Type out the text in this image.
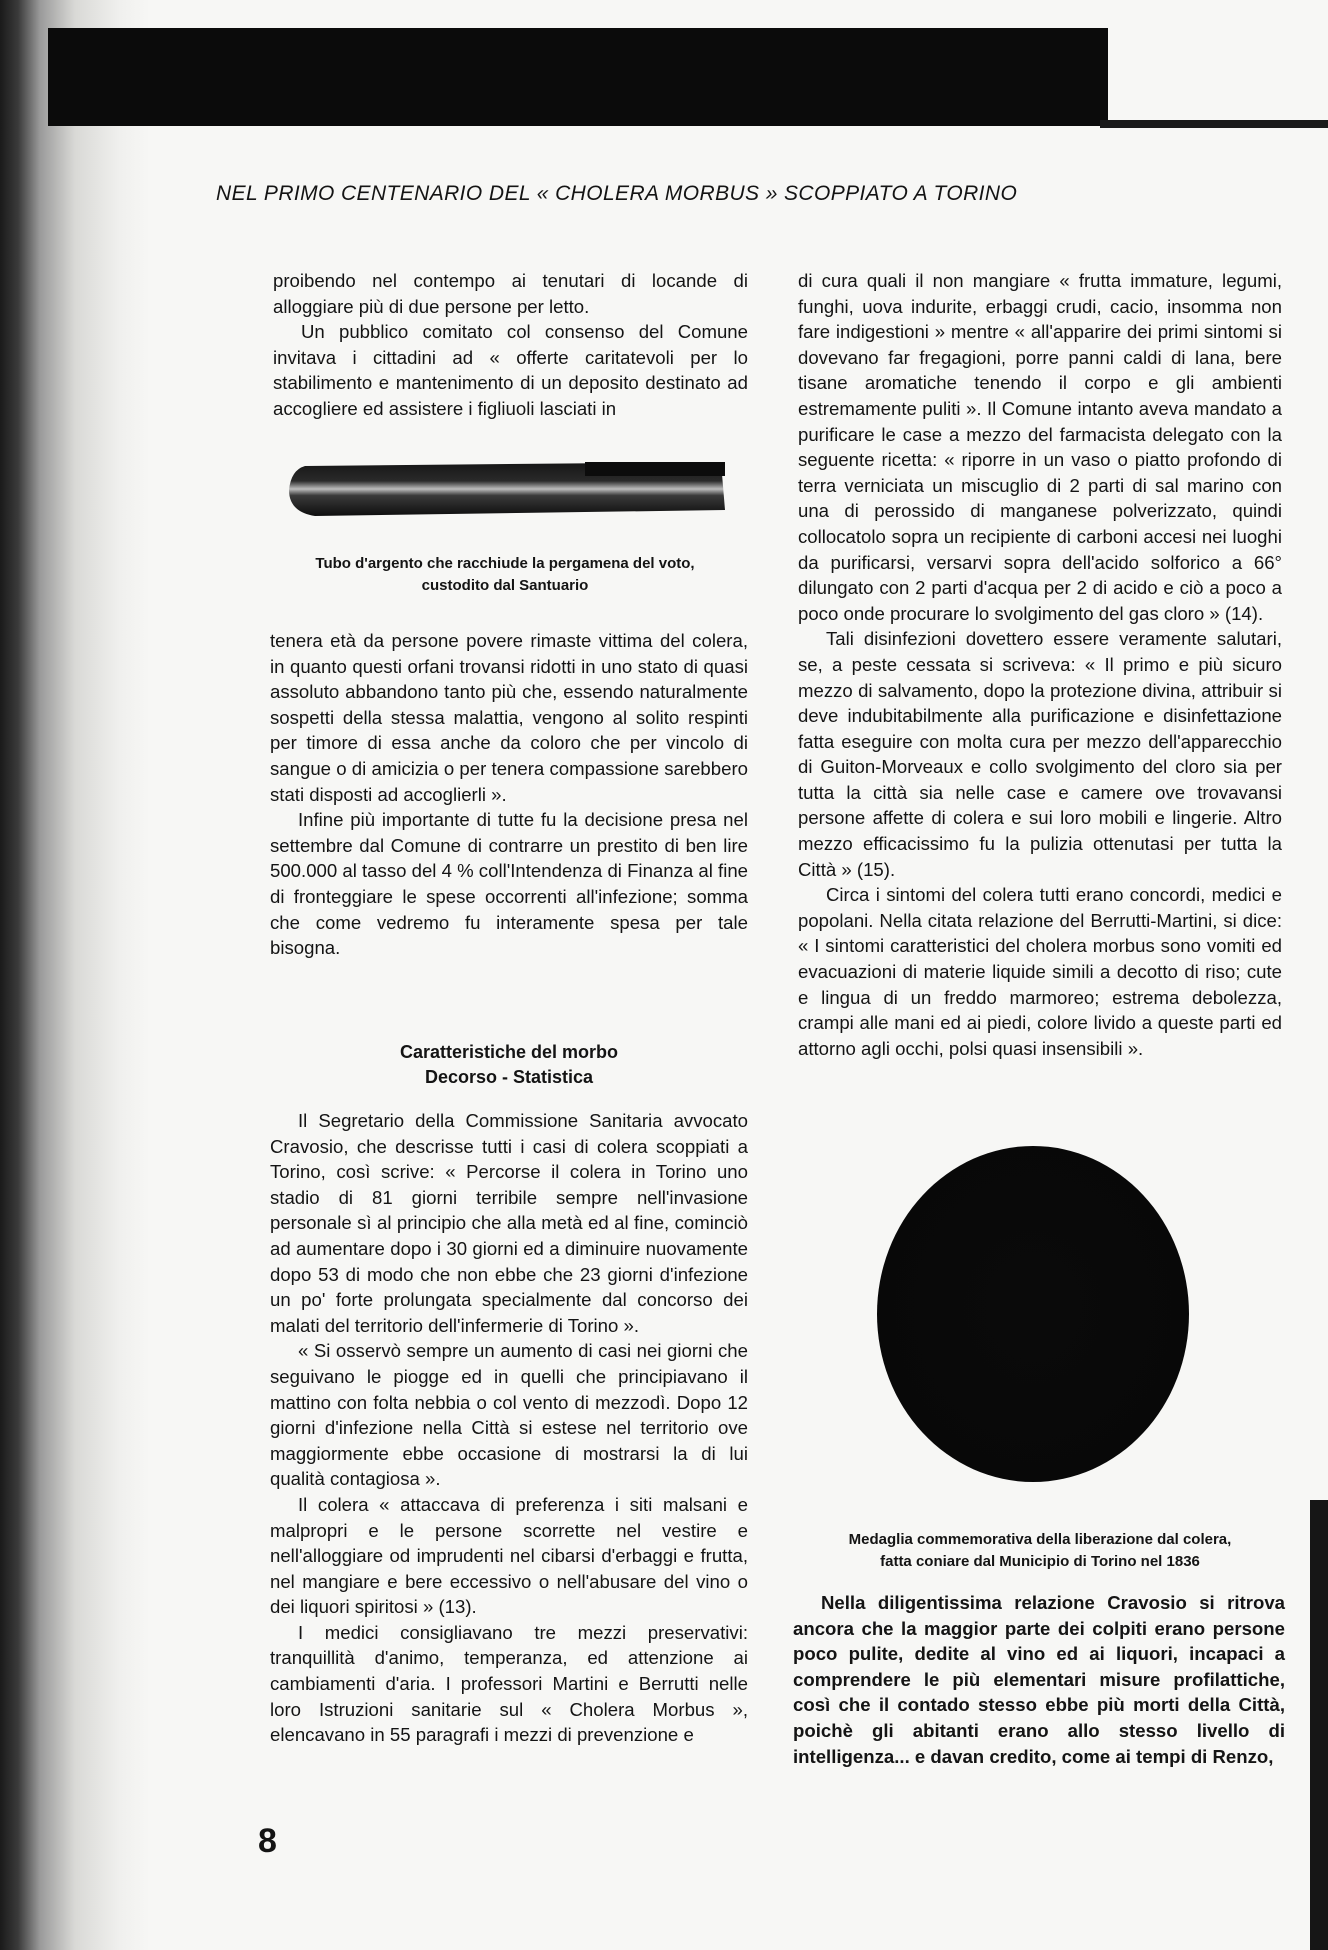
NEL PRIMO CENTENARIO DEL « CHOLERA MORBUS » SCOPPIATO A TORINO

proibendo nel contempo ai tenutari di locande di alloggiare più di due persone per letto.

Un pubblico comitato col consenso del Comune invitava i cittadini ad « offerte caritatevoli per lo stabilimento e mantenimento di un deposito destinato ad accogliere ed assistere i figliuoli lasciati in

Tubo d'argento che racchiude la pergamena del voto,
custodito dal Santuario

tenera età da persone povere rimaste vittima del colera, in quanto questi orfani trovansi ridotti in uno stato di quasi assoluto abbandono tanto più che, essendo naturalmente sospetti della stessa malattia, vengono al solito respinti per timore di essa anche da coloro che per vincolo di sangue o di amicizia o per tenera compassione sarebbero stati disposti ad accoglierli ».

Infine più importante di tutte fu la decisione presa nel settembre dal Comune di contrarre un prestito di ben lire 500.000 al tasso del 4 % coll'Intendenza di Finanza al fine di fronteggiare le spese occorrenti all'infezione; somma che come vedremo fu interamente spesa per tale bisogna.

Caratteristiche del morbo
Decorso - Statistica

Il Segretario della Commissione Sanitaria avvocato Cravosio, che descrisse tutti i casi di colera scoppiati a Torino, così scrive: « Percorse il colera in Torino uno stadio di 81 giorni terribile sempre nell'invasione personale sì al principio che alla metà ed al fine, cominciò ad aumentare dopo i 30 giorni ed a diminuire nuovamente dopo 53 di modo che non ebbe che 23 giorni d'infezione un po' forte prolungata specialmente dal concorso dei malati del territorio dell'infermerie di Torino ».

« Si osservò sempre un aumento di casi nei giorni che seguivano le piogge ed in quelli che principiavano il mattino con folta nebbia o col vento di mezzodì. Dopo 12 giorni d'infezione nella Città si estese nel territorio ove maggiormente ebbe occasione di mostrarsi la di lui qualità contagiosa ».

Il colera « attaccava di preferenza i siti malsani e malpropri e le persone scorrette nel vestire e nell'alloggiare od imprudenti nel cibarsi d'erbaggi e frutta, nel mangiare e bere eccessivo o nell'abusare del vino o dei liquori spiritosi » (13).

I medici consigliavano tre mezzi preservativi: tranquillità d'animo, temperanza, ed attenzione ai cambiamenti d'aria. I professori Martini e Berrutti nelle loro Istruzioni sanitarie sul « Cholera Morbus », elencavano in 55 paragrafi i mezzi di prevenzione e

di cura quali il non mangiare « frutta immature, legumi, funghi, uova indurite, erbaggi crudi, cacio, insomma non fare indigestioni » mentre « all'apparire dei primi sintomi si dovevano far fregagioni, porre panni caldi di lana, bere tisane aromatiche tenendo il corpo e gli ambienti estremamente puliti ». Il Comune intanto aveva mandato a purificare le case a mezzo del farmacista delegato con la seguente ricetta: « riporre in un vaso o piatto profondo di terra verniciata un miscuglio di 2 parti di sal marino con una di perossido di manganese polverizzato, quindi collocatolo sopra un recipiente di carboni accesi nei luoghi da purificarsi, versarvi sopra dell'acido solforico a 66° dilungato con 2 parti d'acqua per 2 di acido e ciò a poco a poco onde procurare lo svolgimento del gas cloro » (14).

Tali disinfezioni dovettero essere veramente salutari, se, a peste cessata si scriveva: « Il primo e più sicuro mezzo di salvamento, dopo la protezione divina, attribuir si deve indubitabilmente alla purificazione e disinfettazione fatta eseguire con molta cura per mezzo dell'apparecchio di Guiton-Morveaux e collo svolgimento del cloro sia per tutta la città sia nelle case e camere ove trovavansi persone affette di colera e sui loro mobili e lingerie. Altro mezzo efficacissimo fu la pulizia ottenutasi per tutta la Città » (15).

Circa i sintomi del colera tutti erano concordi, medici e popolani. Nella citata relazione del Berrutti-Martini, si dice: « I sintomi caratteristici del cholera morbus sono vomiti ed evacuazioni di materie liquide simili a decotto di riso; cute e lingua di un freddo marmoreo; estrema debolezza, crampi alle mani ed ai piedi, colore livido a queste parti ed attorno agli occhi, polsi quasi insensibili ».

Medaglia commemorativa della liberazione dal colera,
fatta coniare dal Municipio di Torino nel 1836

Nella diligentissima relazione Cravosio si ritrova ancora che la maggior parte dei colpiti erano persone poco pulite, dedite al vino ed ai liquori, incapaci a comprendere le più elementari misure profilattiche, così che il contado stesso ebbe più morti della Città, poichè gli abitanti erano allo stesso livello di intelligenza... e davan credito, come ai tempi di Renzo,

8
